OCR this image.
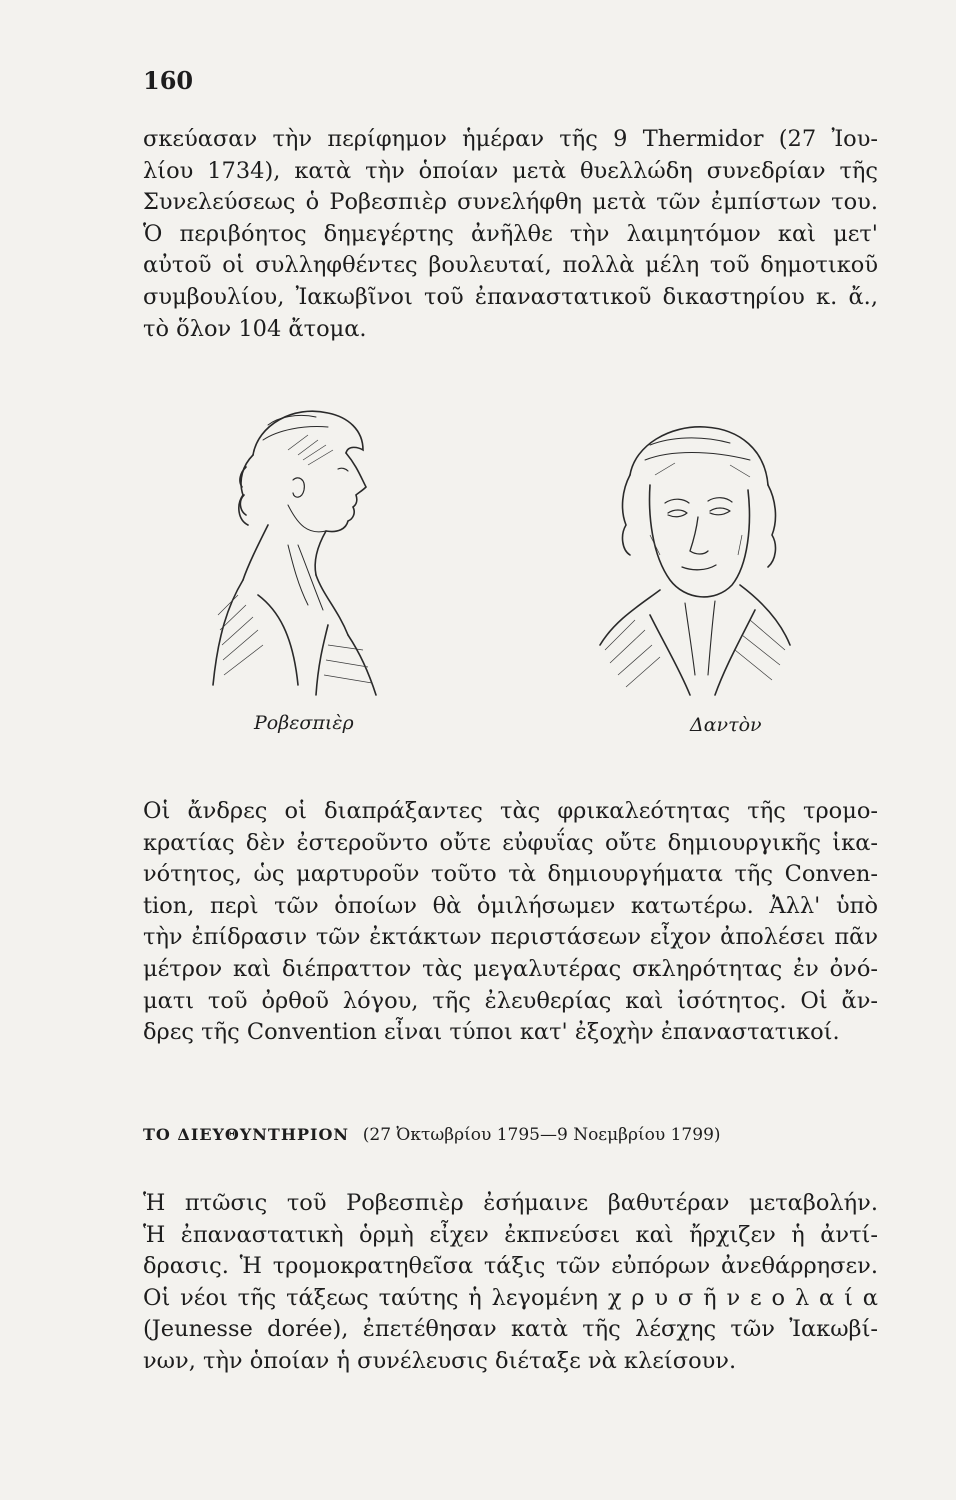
160

σκεύασαν τὴν περίφημον ἡμέραν τῆς 9 Thermidor (27 Ἰου-
λίου 1734), κατὰ τὴν ὁποίαν μετὰ θυελλώδη συνεδρίαν τῆς
Συνελεύσεως ὁ Ροβεσπιὲρ συνελήφθη μετὰ τῶν ἐμπίστων του.
Ὁ περιβόητος δημεγέρτης ἀνῆλθε τὴν λαιμητόμον καὶ μετ'
αὐτοῦ οἱ συλληφθέντες βουλευταί, πολλὰ μέλη τοῦ δημοτικοῦ
συμβουλίου, Ἰακωβῖνοι τοῦ ἐπαναστατικοῦ δικαστηρίου κ. ἄ.,
τὸ ὅλον 104 ἄτομα.

Ροβεσπιὲρ	Δαντὸν

Οἱ ἄνδρες οἱ διαπράξαντες τὰς φρικαλεότητας τῆς τρομο-
κρατίας δὲν ἐστεροῦντο οὔτε εὐφυΐας οὔτε δημιουργικῆς ἱκα-
νότητος, ὡς μαρτυροῦν τοῦτο τὰ δημιουργήματα τῆς Conven-
tion, περὶ τῶν ὁποίων θὰ ὁμιλήσωμεν κατωτέρω. Ἀλλ' ὑπὸ
τὴν ἐπίδρασιν τῶν ἐκτάκτων περιστάσεων εἶχον ἀπολέσει πᾶν
μέτρον καὶ διέπραττον τὰς μεγαλυτέρας σκληρότητας ἐν ὀνό-
ματι τοῦ ὀρθοῦ λόγου, τῆς ἐλευθερίας καὶ ἰσότητος. Οἱ ἄν-
δρες τῆς Convention εἶναι τύποι κατ' ἐξοχὴν ἐπαναστατικοί.

ΤΟ ΔΙΕΥΘΥΝΤΗΡΙΟΝ (27 Ὀκτωβρίου 1795—9 Νοεμβρίου 1799)

Ἡ πτῶσις τοῦ Ροβεσπιὲρ ἐσήμαινε βαθυτέραν μεταβολήν.
Ἡ ἐπαναστατικὴ ὁρμὴ εἶχεν ἐκπνεύσει καὶ ἤρχιζεν ἡ ἀντί-
δρασις. Ἡ τρομοκρατηθεῖσα τάξις τῶν εὐπόρων ἀνεθάρρησεν.
Οἱ νέοι τῆς τάξεως ταύτης ἡ λεγομένη χ ρ υ σ ῆ ν ε ο λ α ί α
(Jeunesse dorée), ἐπετέθησαν κατὰ τῆς λέσχης τῶν Ἰακωβί-
νων, τὴν ὁποίαν ἡ συνέλευσις διέταξε νὰ κλείσουν.
